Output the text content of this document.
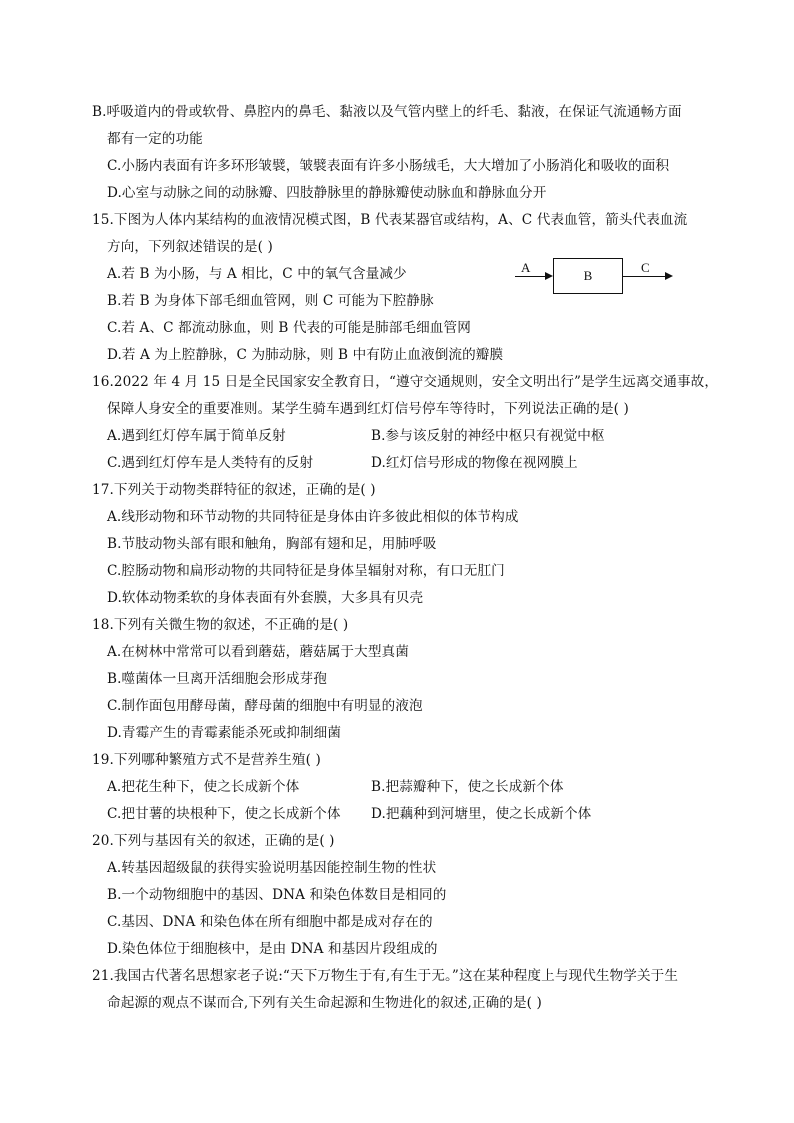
B.呼吸道内的骨或软骨、鼻腔内的鼻毛、黏液以及气管内壁上的纤毛、黏液，在保证气流通畅方面
都有一定的功能
C.小肠内表面有许多环形皱襞，皱襞表面有许多小肠绒毛，大大增加了小肠消化和吸收的面积
D.心室与动脉之间的动脉瓣、四肢静脉里的静脉瓣使动脉血和静脉血分开
15.下图为人体内某结构的血液情况模式图，B 代表某器官或结构，A、C 代表血管，箭头代表血流
方向，下列叙述错误的是( )
A.若 B 为小肠，与 A 相比，C 中的氧气含量减少
B.若 B 为身体下部毛细血管网，则 C 可能为下腔静脉
C.若 A、C 都流动脉血，则 B 代表的可能是肺部毛细血管网
D.若 A 为上腔静脉，C 为肺动脉，则 B 中有防止血液倒流的瓣膜
A
B
C
16.2022 年 4 月 15 日是全民国家安全教育日，“遵守交通规则，安全文明出行”是学生远离交通事故，
保障人身安全的重要准则。某学生骑车遇到红灯信号停车等待时，下列说法正确的是( )
A.遇到红灯停车属于简单反射	B.参与该反射的神经中枢只有视觉中枢
C.遇到红灯停车是人类特有的反射	D.红灯信号形成的物像在视网膜上
17.下列关于动物类群特征的叙述，正确的是( )
A.线形动物和环节动物的共同特征是身体由许多彼此相似的体节构成
B.节肢动物头部有眼和触角，胸部有翅和足，用肺呼吸
C.腔肠动物和扁形动物的共同特征是身体呈辐射对称，有口无肛门
D.软体动物柔软的身体表面有外套膜，大多具有贝壳
18.下列有关微生物的叙述，不正确的是( )
A.在树林中常常可以看到蘑菇，蘑菇属于大型真菌
B.噬菌体一旦离开活细胞会形成芽孢
C.制作面包用酵母菌，酵母菌的细胞中有明显的液泡
D.青霉产生的青霉素能杀死或抑制细菌
19.下列哪种繁殖方式不是营养生殖( )
A.把花生种下，使之长成新个体	B.把蒜瓣种下，使之长成新个体
C.把甘薯的块根种下，使之长成新个体 D.把藕种到河塘里，使之长成新个体
20.下列与基因有关的叙述，正确的是( )
A.转基因超级鼠的获得实验说明基因能控制生物的性状
B.一个动物细胞中的基因、DNA 和染色体数目是相同的
C.基因、DNA 和染色体在所有细胞中都是成对存在的
D.染色体位于细胞核中，是由 DNA 和基因片段组成的
21.我国古代著名思想家老子说:“天下万物生于有,有生于无。”这在某种程度上与现代生物学关于生
命起源的观点不谋而合,下列有关生命起源和生物进化的叙述,正确的是( )
